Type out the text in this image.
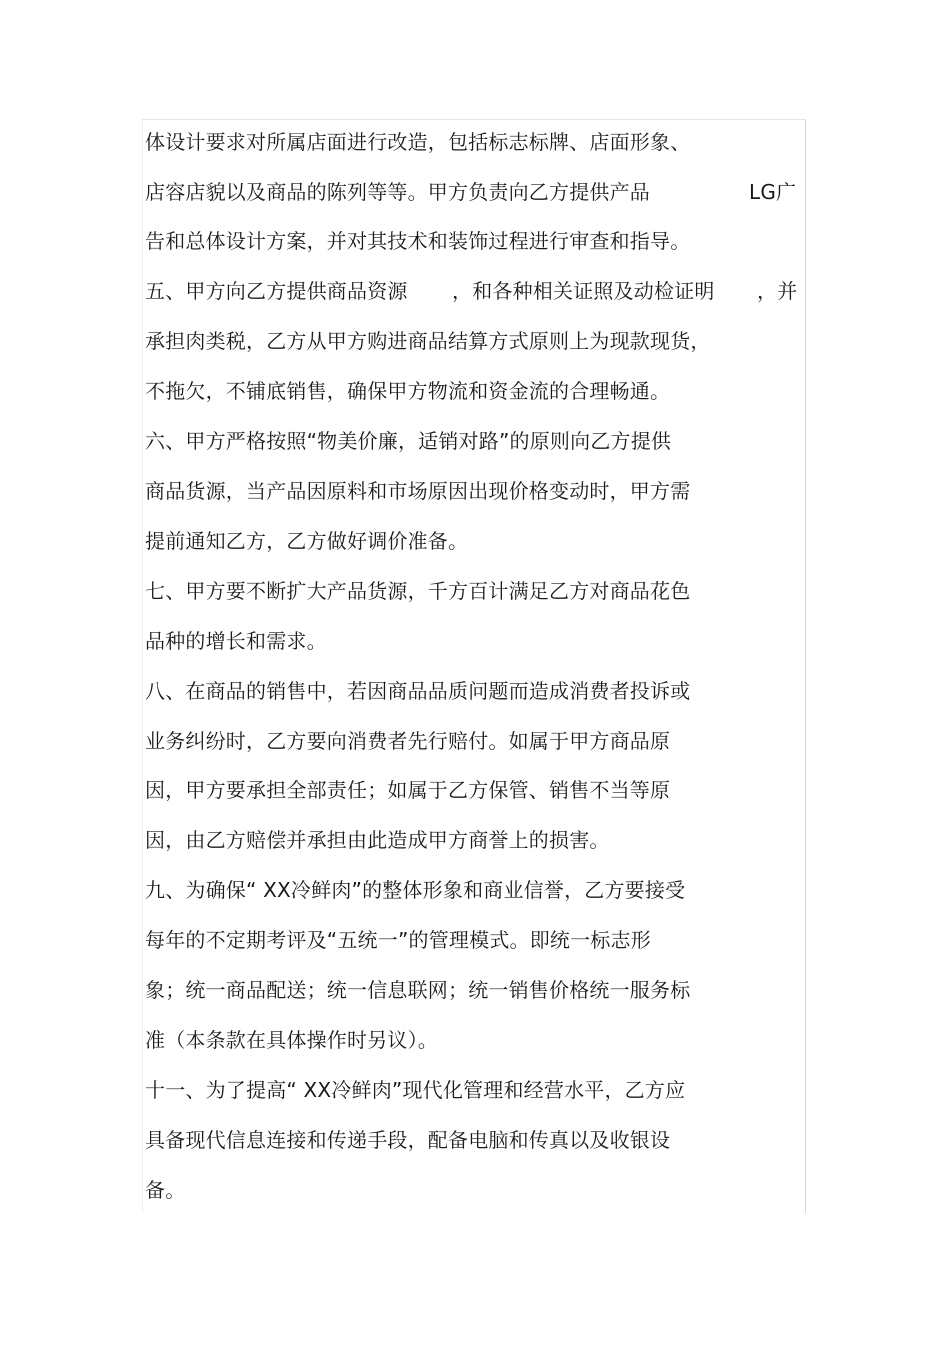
体设计要求对所属店面进行改造，包括标志标牌、店面形象、
店容店貌以及商品的陈列等等。甲方负责向乙方提供产品	LG广
告和总体设计方案，并对其技术和装饰过程进行审查和指导。
五、甲方向乙方提供商品资源 ，和各种相关证照及动检证明 ，并
承担肉类税，乙方从甲方购进商品结算方式原则上为现款现货，
不拖欠，不铺底销售，确保甲方物流和资金流的合理畅通。
六、甲方严格按照“物美价廉，适销对路”的原则向乙方提供
商品货源，当产品因原料和市场原因出现价格变动时，甲方需
提前通知乙方，乙方做好调价准备。
七、甲方要不断扩大产品货源，千方百计满足乙方对商品花色
品种的增长和需求。
八、在商品的销售中，若因商品品质问题而造成消费者投诉或
业务纠纷时，乙方要向消费者先行赔付。如属于甲方商品原
因，甲方要承担全部责任；如属于乙方保管、销售不当等原
因，由乙方赔偿并承担由此造成甲方商誉上的损害。
九、为确保“ XX冷鲜肉”的整体形象和商业信誉，乙方要接受
每年的不定期考评及“五统一”的管理模式。即统一标志形
象；统一商品配送；统一信息联网；统一销售价格统一服务标
准（本条款在具体操作时另议）。
十一、为了提高“ XX冷鲜肉”现代化管理和经营水平，乙方应
具备现代信息连接和传递手段，配备电脑和传真以及收银设
备。
